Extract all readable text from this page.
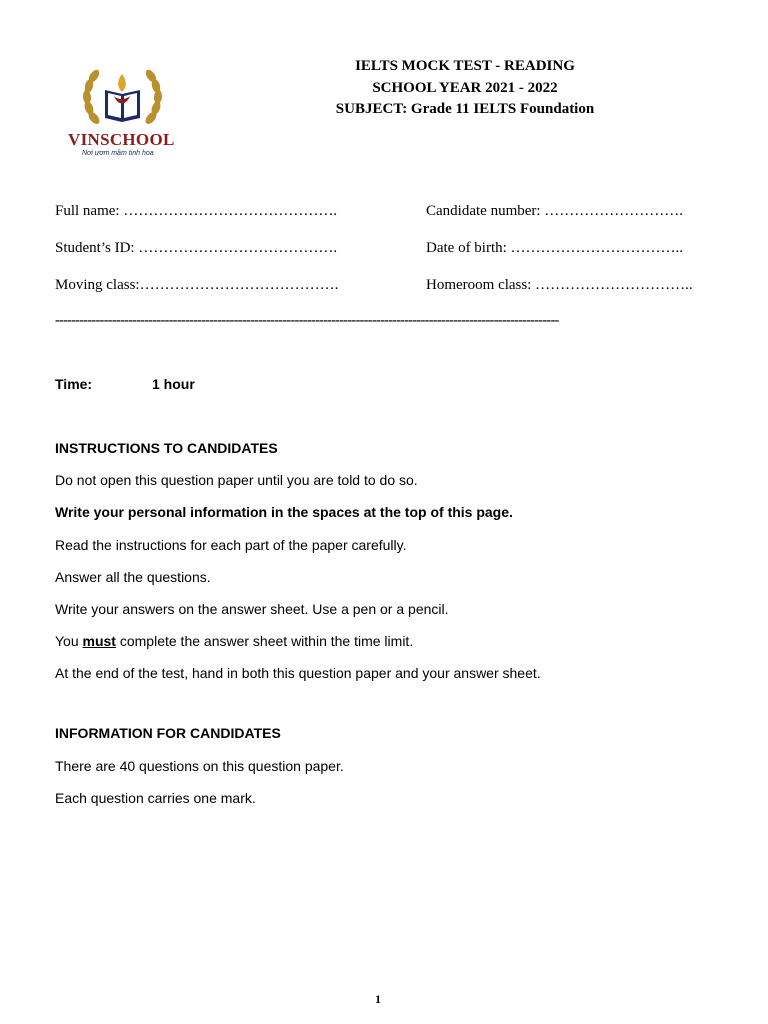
VINSCHOOL
Nơi ươm mầm tinh hoa
IELTS MOCK TEST - READING
SCHOOL YEAR 2021 - 2022
SUBJECT: Grade 11 IELTS Foundation
Full name: …………………………………….	Candidate number: ……………………….
Student’s ID: ………………………………….	Date of birth: ……………………………..
Moving class:………………………………….	Homeroom class: …………………………..
----------------------------------------------------------------------------------------------------------------------------
Time:	1 hour
INSTRUCTIONS TO CANDIDATES
Do not open this question paper until you are told to do so.
Write your personal information in the spaces at the top of this page.
Read the instructions for each part of the paper carefully.
Answer all the questions.
Write your answers on the answer sheet. Use a pen or a pencil.
You must complete the answer sheet within the time limit.
At the end of the test, hand in both this question paper and your answer sheet.
INFORMATION FOR CANDIDATES
There are 40 questions on this question paper.
Each question carries one mark.
1
